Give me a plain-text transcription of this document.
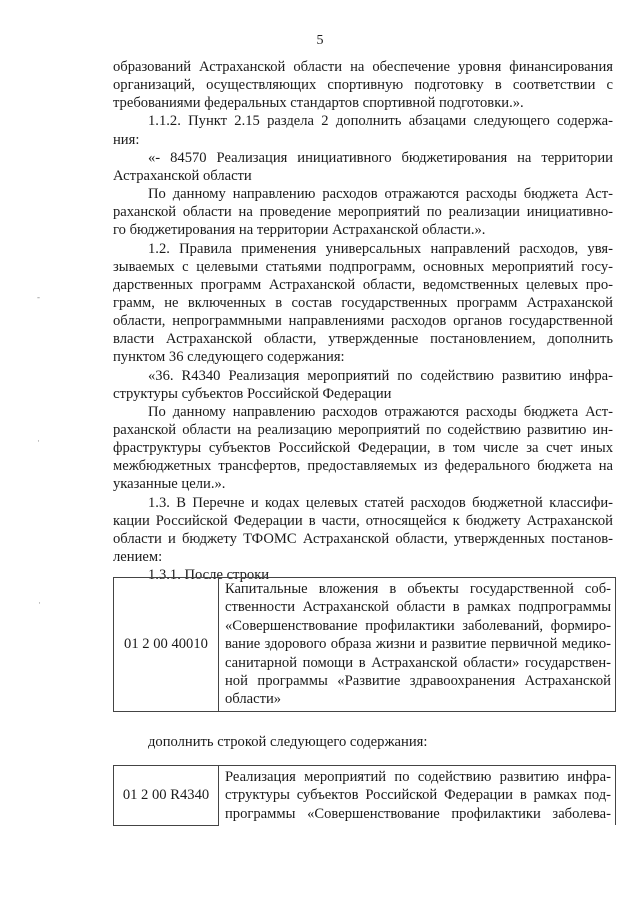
5
образований Астраханской области на обеспечение уровня финансирования
организаций, осуществляющих спортивную подготовку в соответствии с
требованиями федеральных стандартов спортивной подготовки.».
1.1.2. Пункт 2.15 раздела 2 дополнить абзацами следующего содержа-
ния:
«- 84570 Реализация инициативного бюджетирования на территории
Астраханской области
По данному направлению расходов отражаются расходы бюджета Аст-
раханской области на проведение мероприятий по реализации инициативно-
го бюджетирования на территории Астраханской области.».
1.2. Правила применения универсальных направлений расходов, увя-
зываемых с целевыми статьями подпрограмм, основных мероприятий госу-
дарственных программ Астраханской области, ведомственных целевых про-
грамм, не включенных в состав государственных программ Астраханской
области, непрограммными направлениями расходов органов государственной
власти Астраханской области, утвержденные постановлением, дополнить
пунктом 36 следующего содержания:
«36. R4340 Реализация мероприятий по содействию развитию инфра-
структуры субъектов Российской Федерации
По данному направлению расходов отражаются расходы бюджета Аст-
раханской области на реализацию мероприятий по содействию развитию ин-
фраструктуры субъектов Российской Федерации, в том числе за счет иных
межбюджетных трансфертов, предоставляемых из федерального бюджета на
указанные цели.».
1.3. В Перечне и кодах целевых статей расходов бюджетной классифи-
кации Российской Федерации в части, относящейся к бюджету Астраханской
области и бюджету ТФОМС Астраханской области, утвержденных постанов-
лением:
1.3.1. После строки
01 2 00 40010	
Капитальные вложения в объекты государственной соб-
ственности Астраханской области в рамках подпрограммы
«Совершенствование профилактики заболеваний, формиро-
вание здорового образа жизни и развитие первичной медико-
санитарной помощи в Астраханской области» государствен-
ной программы «Развитие здравоохранения Астраханской
области»
дополнить строкой следующего содержания:
01 2 00 R4340	
Реализация мероприятий по содействию развитию инфра-
структуры субъектов Российской Федерации в рамках под-
программы «Совершенствование профилактики заболева-
-
·
·
